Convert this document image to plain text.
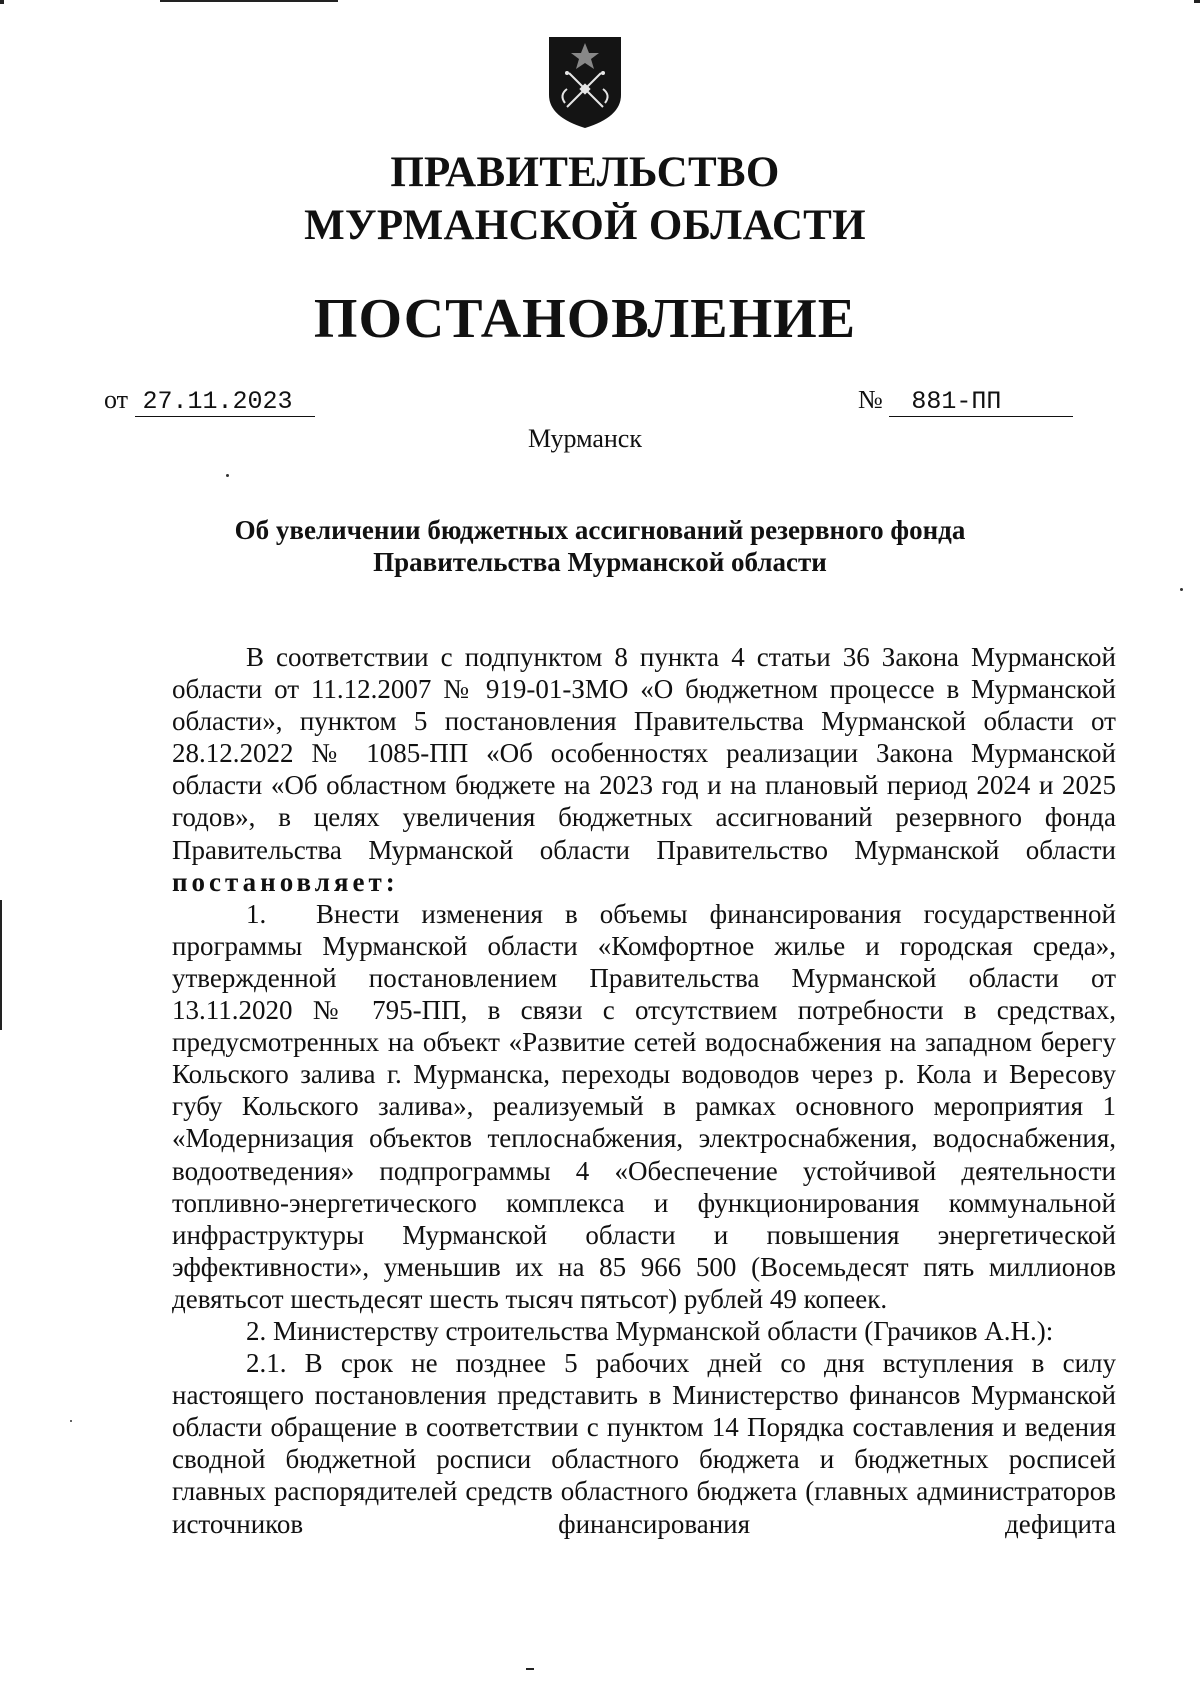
ПРАВИТЕЛЬСТВО
МУРМАНСКОЙ ОБЛАСТИ
ПОСТАНОВЛЕНИЕ
от 27.11.2023	№ 881-ПП
Мурманск
Об увеличении бюджетных ассигнований резервного фонда
Правительства Мурманской области

В соответствии с подпунктом 8 пункта 4 статьи 36 Закона Мурманской области от 11.12.2007 № 919-01-ЗМО «О бюджетном процессе в Мурманской области», пунктом 5 постановления Правительства Мурманской области от 28.12.2022 № 1085-ПП «Об особенностях реализации Закона Мурманской области «Об областном бюджете на 2023 год и на плановый период 2024 и 2025 годов», в целях увеличения бюджетных ассигнований резервного фонда Правительства Мурманской области Правительство Мурманской области постановляет:

1. Внести изменения в объемы финансирования государственной программы Мурманской области «Комфортное жилье и городская среда», утвержденной постановлением Правительства Мурманской области от 13.11.2020 № 795-ПП, в связи с отсутствием потребности в средствах, предусмотренных на объект «Развитие сетей водоснабжения на западном берегу Кольского залива г. Мурманска, переходы водоводов через р. Кола и Вересову губу Кольского залива», реализуемый в рамках основного мероприятия 1 «Модернизация объектов теплоснабжения, электроснабжения, водоснабжения, водоотведения» подпрограммы 4 «Обеспечение устойчивой деятельности топливно-энергетического комплекса и функционирования коммунальной инфраструктуры Мурманской области и повышения энергетической эффективности», уменьшив их на 85 966 500 (Восемьдесят пять миллионов девятьсот шестьдесят шесть тысяч пятьсот) рублей 49 копеек.

2. Министерству строительства Мурманской области (Грачиков А.Н.):

2.1. В срок не позднее 5 рабочих дней со дня вступления в силу настоящего постановления представить в Министерство финансов Мурманской области обращение в соответствии с пунктом 14 Порядка составления и ведения сводной бюджетной росписи областного бюджета и бюджетных росписей главных распорядителей средств областного бюджета (главных администраторов источников финансирования дефицита
